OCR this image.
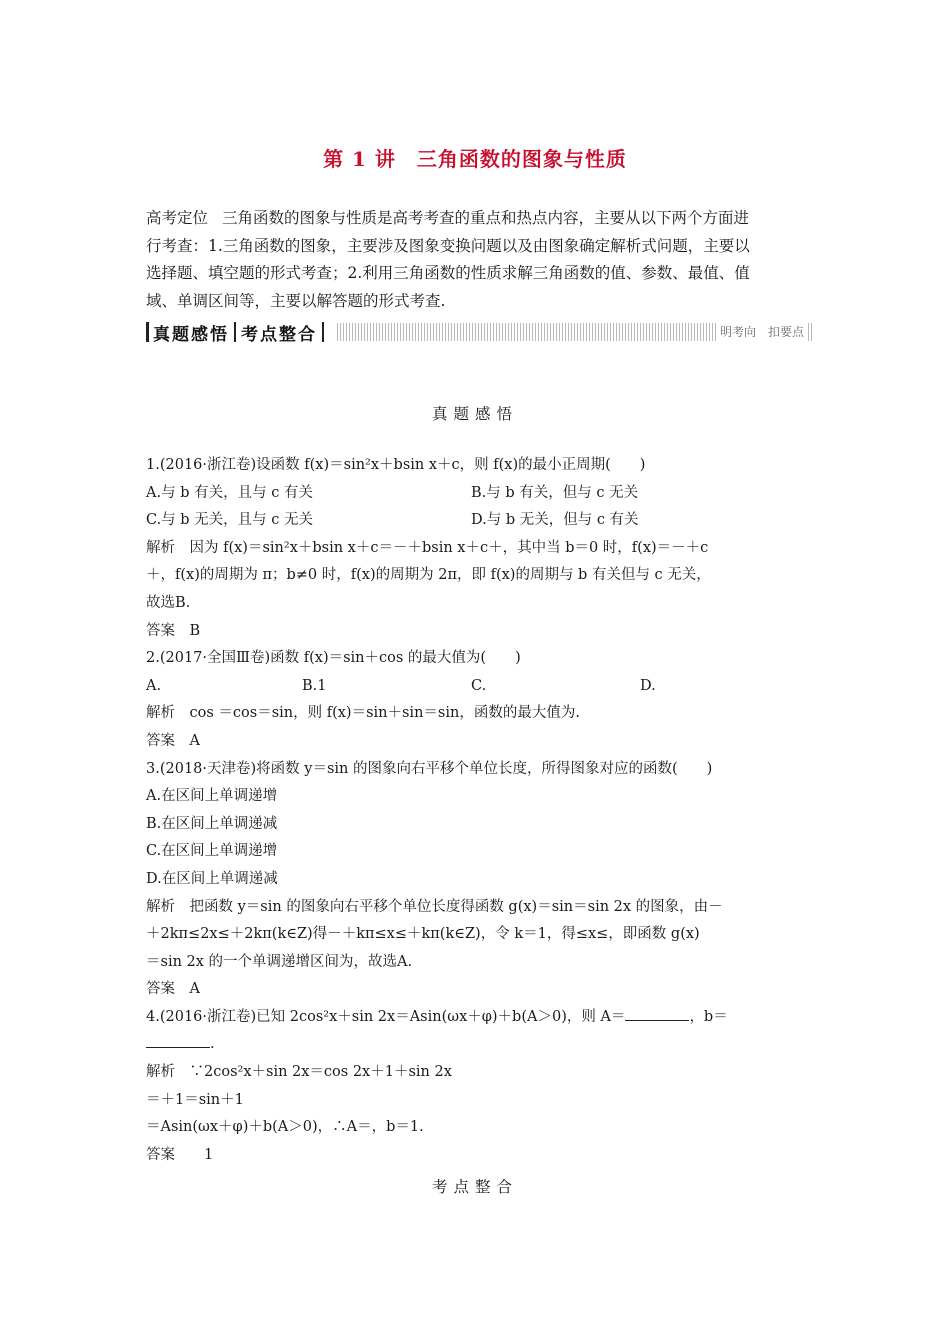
第 1 讲　三角函数的图象与性质
高考定位 三角函数的图象与性质是高考考查的重点和热点内容，主要从以下两个方面进
行考查：1.三角函数的图象，主要涉及图象变换问题以及由图象确定解析式问题，主要以
选择题、填空题的形式考查；2.利用三角函数的性质求解三角函数的值、参数、最值、值
域、单调区间等，主要以解答题的形式考查.
真题感悟 考点整合	明考向　扣要点
真题感悟
1.(2016·浙江卷)设函数 f(x)＝sin²x＋bsin x＋c，则 f(x)的最小正周期(　　)
A.与 b 有关，且与 c 有关	B.与 b 有关，但与 c 无关
C.与 b 无关，且与 c 无关	D.与 b 无关，但与 c 有关
解析　因为 f(x)＝sin²x＋bsin x＋c＝－＋bsin x＋c＋，其中当 b＝0 时，f(x)＝－＋c
＋，f(x)的周期为 π；b≠0 时，f(x)的周期为 2π，即 f(x)的周期与 b 有关但与 c 无关，
故选B.
答案　B
2.(2017·全国Ⅲ卷)函数 f(x)＝sin＋cos 的最大值为(　　)
A.	B.1	C.	D.
解析　cos ＝cos＝sin，则 f(x)＝sin＋sin＝sin，函数的最大值为.
答案　A
3.(2018·天津卷)将函数 y＝sin 的图象向右平移个单位长度，所得图象对应的函数(　　)
A.在区间上单调递增
B.在区间上单调递减
C.在区间上单调递增
D.在区间上单调递减
解析　把函数 y＝sin 的图象向右平移个单位长度得函数 g(x)＝sin＝sin 2x 的图象，由－
＋2kπ≤2x≤＋2kπ(k∈Z)得－＋kπ≤x≤＋kπ(k∈Z)，令 k＝1，得≤x≤，即函数 g(x)
＝sin 2x 的一个单调递增区间为，故选A.
答案　A
4.(2016·浙江卷)已知 2cos²x＋sin 2x＝Asin(ωx＋φ)＋b(A＞0)，则 A＝	，b＝
.
解析　∵2cos²x＋sin 2x＝cos 2x＋1＋sin 2x
＝＋1＝sin＋1
＝Asin(ωx＋φ)＋b(A＞0)，∴A＝，b＝1.
答案　　1
考点整合
